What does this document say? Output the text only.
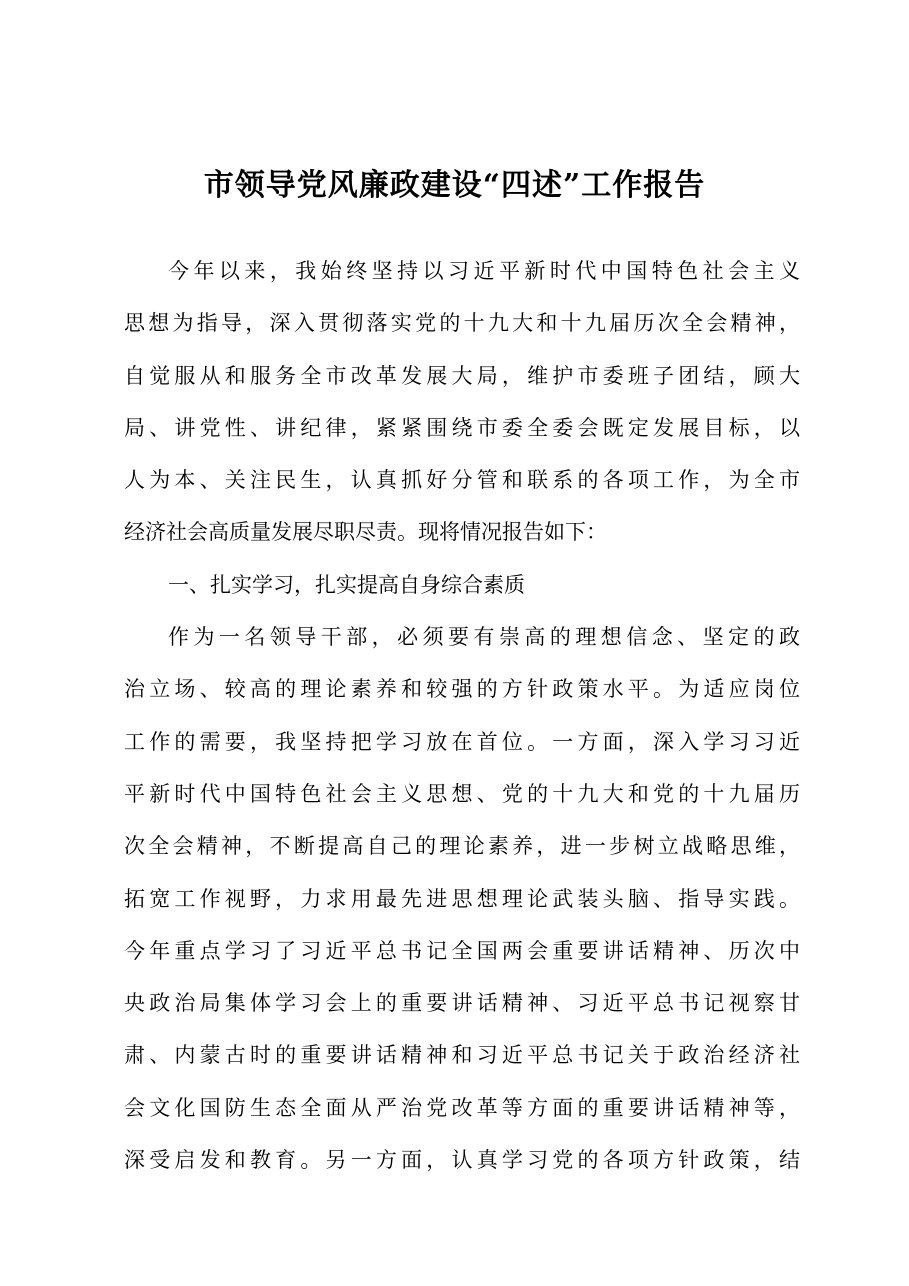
市领导党风廉政建设“四述”工作报告
今年以来，我始终坚持以习近平新时代中国特色社会主义
思想为指导，深入贯彻落实党的十九大和十九届历次全会精神，
自觉服从和服务全市改革发展大局，维护市委班子团结，顾大
局、讲党性、讲纪律，紧紧围绕市委全委会既定发展目标，以
人为本、关注民生，认真抓好分管和联系的各项工作，为全市
经济社会高质量发展尽职尽责。现将情况报告如下：
一、扎实学习，扎实提高自身综合素质
作为一名领导干部，必须要有崇高的理想信念、坚定的政
治立场、较高的理论素养和较强的方针政策水平。为适应岗位
工作的需要，我坚持把学习放在首位。一方面，深入学习习近
平新时代中国特色社会主义思想、党的十九大和党的十九届历
次全会精神，不断提高自己的理论素养，进一步树立战略思维，
拓宽工作视野，力求用最先进思想理论武装头脑、指导实践。
今年重点学习了习近平总书记全国两会重要讲话精神、历次中
央政治局集体学习会上的重要讲话精神、习近平总书记视察甘
肃、内蒙古时的重要讲话精神和习近平总书记关于政治经济社
会文化国防生态全面从严治党改革等方面的重要讲话精神等，
深受启发和教育。另一方面，认真学习党的各项方针政策，结
